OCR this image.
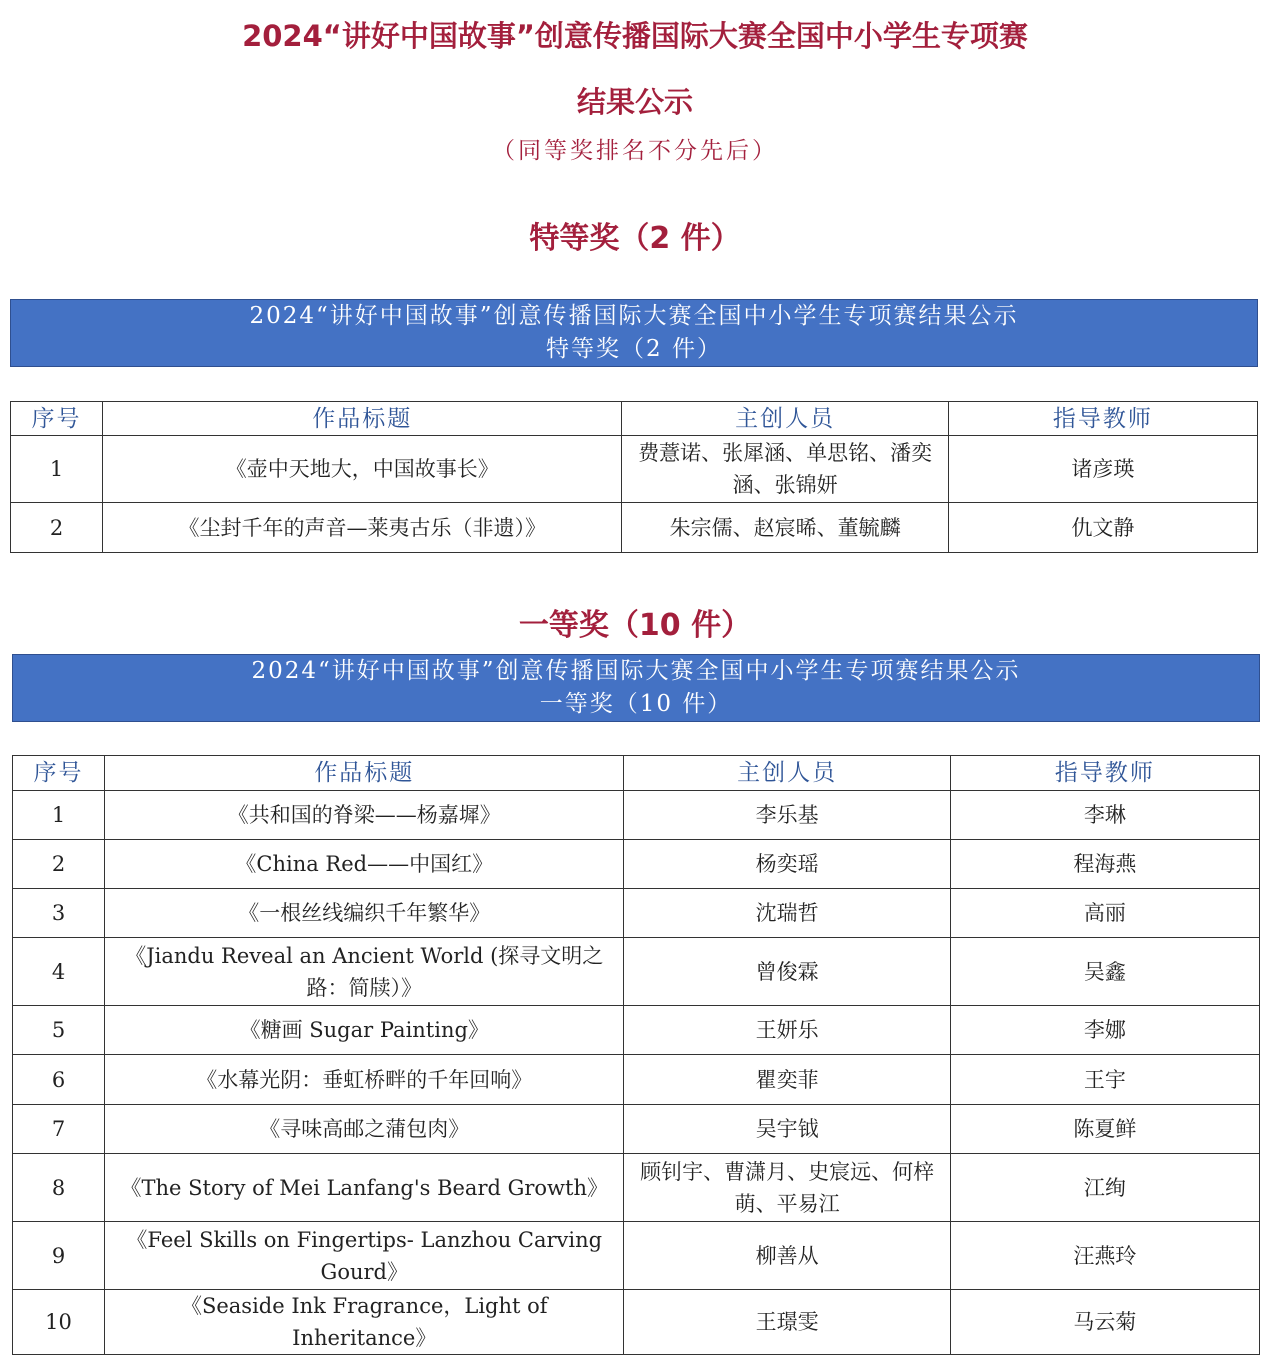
2024“讲好中国故事”创意传播国际大赛全国中小学生专项赛
结果公示
（同等奖排名不分先后）
特等奖（2 件）
2024“讲好中国故事”创意传播国际大赛全国中小学生专项赛结果公示
特等奖（2 件）
序号	作品标题	主创人员	指导教师
1	《壶中天地大，中国故事长》	费薏诺、张犀涵、单思铭、潘奕涵、张锦妍	诸彦瑛
2	《尘封千年的声音—莱夷古乐（非遗）》	朱宗儒、赵宸晞、董毓麟	仇文静
一等奖（10 件）
2024“讲好中国故事”创意传播国际大赛全国中小学生专项赛结果公示
一等奖（10 件）
序号	作品标题	主创人员	指导教师
1	《共和国的脊梁——杨嘉墀》	李乐基	李琳
2	《China Red——中国红》	杨奕瑶	程海燕
3	《一根丝线编织千年繁华》	沈瑞哲	高丽
4	《Jiandu Reveal an Ancient World (探寻文明之路：简牍）》	曾俊霖	吴鑫
5	《糖画 Sugar Painting》	王妍乐	李娜
6	《水幕光阴：垂虹桥畔的千年回响》	瞿奕菲	王宇
7	《寻味高邮之蒲包肉》	吴宇钺	陈夏鲜
8	《The Story of Mei Lanfang's Beard Growth》	顾钊宇、曹潇月、史宸远、何梓萌、平易江	江绚
9	《Feel Skills on Fingertips- Lanzhou Carving Gourd》	柳善从	汪燕玲
10	《Seaside Ink Fragrance，Light of Inheritance》	王璟雯	马云菊
